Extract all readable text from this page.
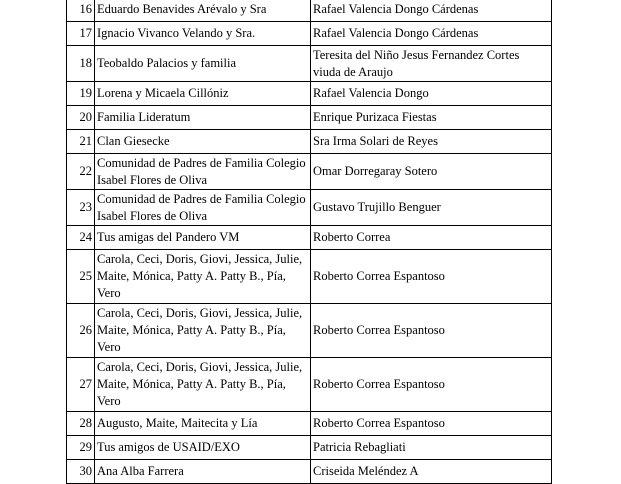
16	Eduardo Benavides Arévalo y Sra	Rafael Valencia Dongo Cárdenas
17	Ignacio Vivanco Velando y Sra.	Rafael Valencia Dongo Cárdenas
18	Teobaldo Palacios y familia	Teresita del Niño Jesus Fernandez Cortes viuda de Araujo
19	Lorena y Micaela Cillóniz	Rafael Valencia Dongo
20	Familia Lideratum	Enrique Purizaca Fiestas
21	Clan Giesecke	Sra Irma Solari de Reyes
22	Comunidad de Padres de Familia Colegio Isabel Flores de Oliva	Omar Dorregaray Sotero
23	Comunidad de Padres de Familia Colegio Isabel Flores de Oliva	Gustavo Trujillo Benguer
24	Tus amigas del Pandero VM	Roberto Correa
25	Carola, Ceci, Doris, Giovi, Jessica, Julie, Maite, Mónica, Patty A. Patty B., Pía, Vero	Roberto Correa Espantoso
26	Carola, Ceci, Doris, Giovi, Jessica, Julie, Maite, Mónica, Patty A. Patty B., Pía, Vero	Roberto Correa Espantoso
27	Carola, Ceci, Doris, Giovi, Jessica, Julie, Maite, Mónica, Patty A. Patty B., Pía, Vero	Roberto Correa Espantoso
28	Augusto, Maite, Maitecita y Lía	Roberto Correa Espantoso
29	Tus amigos de USAID/EXO	Patricia Rebagliati
30	Ana Alba Farrera	Criseida Meléndez A
